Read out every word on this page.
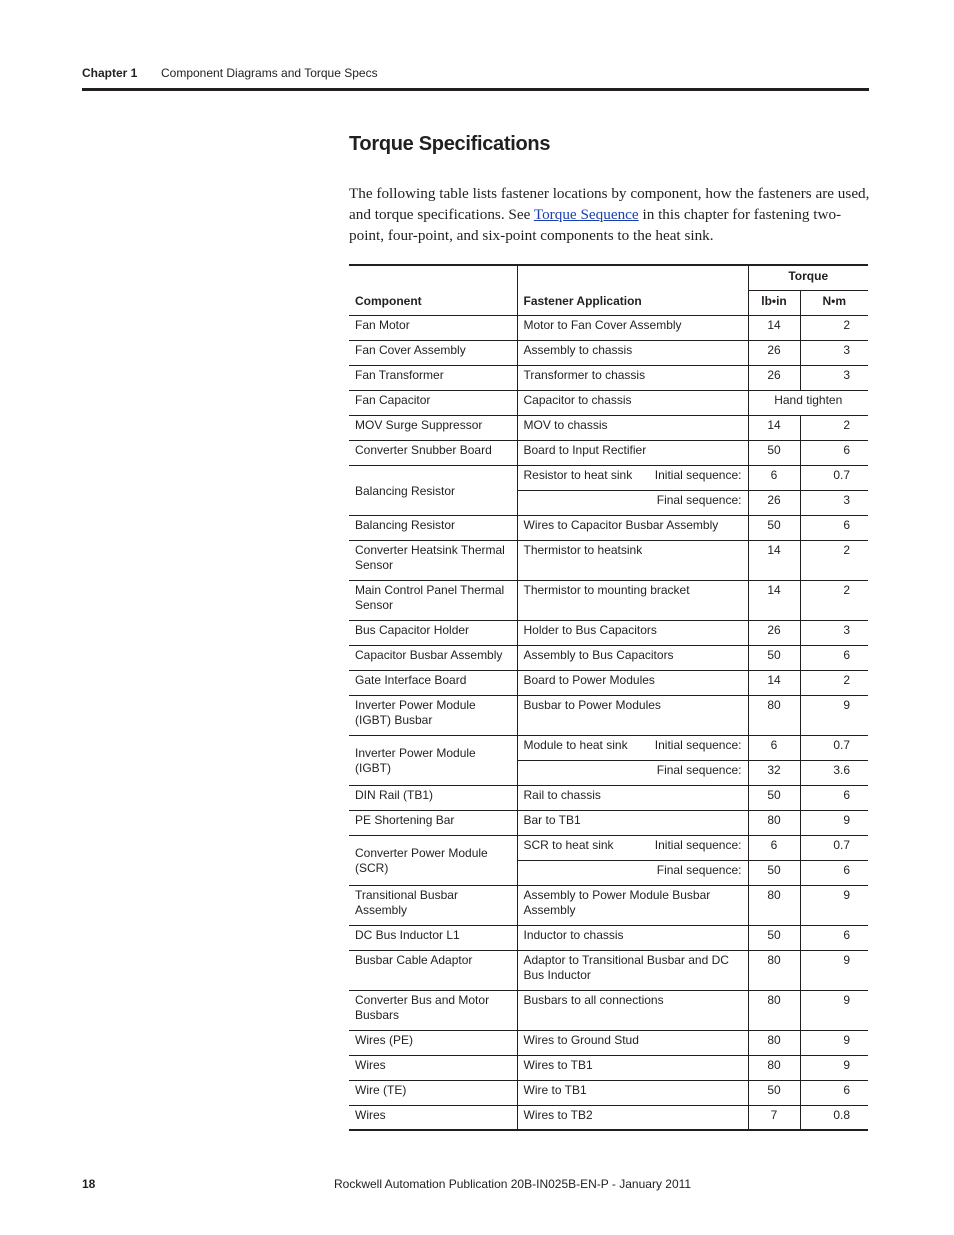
Chapter 1 Component Diagrams and Torque Specs
Torque Specifications
The following table lists fastener locations by component, how the fasteners are used, and torque specifications. See Torque Sequence in this chapter for fastening two-point, four-point, and six-point components to the heat sink.
Component	Fastener Application	Torque	
		lb•in	N•m
Fan Motor	Motor to Fan Cover Assembly	14	2
Fan Cover Assembly	Assembly to chassis	26	3
Fan Transformer	Transformer to chassis	26	3
Fan Capacitor	Capacitor to chassis	Hand tighten	
MOV Surge Suppressor	MOV to chassis	14	2
Converter Snubber Board	Board to Input Rectifier	50	6
Balancing Resistor	Resistor to heat sink Initial sequence:	6	0.7
	Final sequence:	26	3
Balancing Resistor	Wires to Capacitor Busbar Assembly	50	6
Converter Heatsink Thermal Sensor	Thermistor to heatsink	14	2
Main Control Panel Thermal Sensor	Thermistor to mounting bracket	14	2
Bus Capacitor Holder	Holder to Bus Capacitors	26	3
Capacitor Busbar Assembly	Assembly to Bus Capacitors	50	6
Gate Interface Board	Board to Power Modules	14	2
Inverter Power Module (IGBT) Busbar	Busbar to Power Modules	80	9
Inverter Power Module (IGBT)	Module to heat sink Initial sequence:	6	0.7
	Final sequence:	32	3.6
DIN Rail (TB1)	Rail to chassis	50	6
PE Shortening Bar	Bar to TB1	80	9
Converter Power Module (SCR)	SCR to heat sink Initial sequence:	6	0.7
	Final sequence:	50	6
Transitional Busbar Assembly	Assembly to Power Module Busbar Assembly	80	9
DC Bus Inductor L1	Inductor to chassis	50	6
Busbar Cable Adaptor	Adaptor to Transitional Busbar and DC Bus Inductor	80	9
Converter Bus and Motor Busbars	Busbars to all connections	80	9
Wires (PE)	Wires to Ground Stud	80	9
Wires	Wires to TB1	80	9
Wire (TE)	Wire to TB1	50	6
Wires	Wires to TB2	7	0.8
18	Rockwell Automation Publication 20B-IN025B-EN-P - January 2011
